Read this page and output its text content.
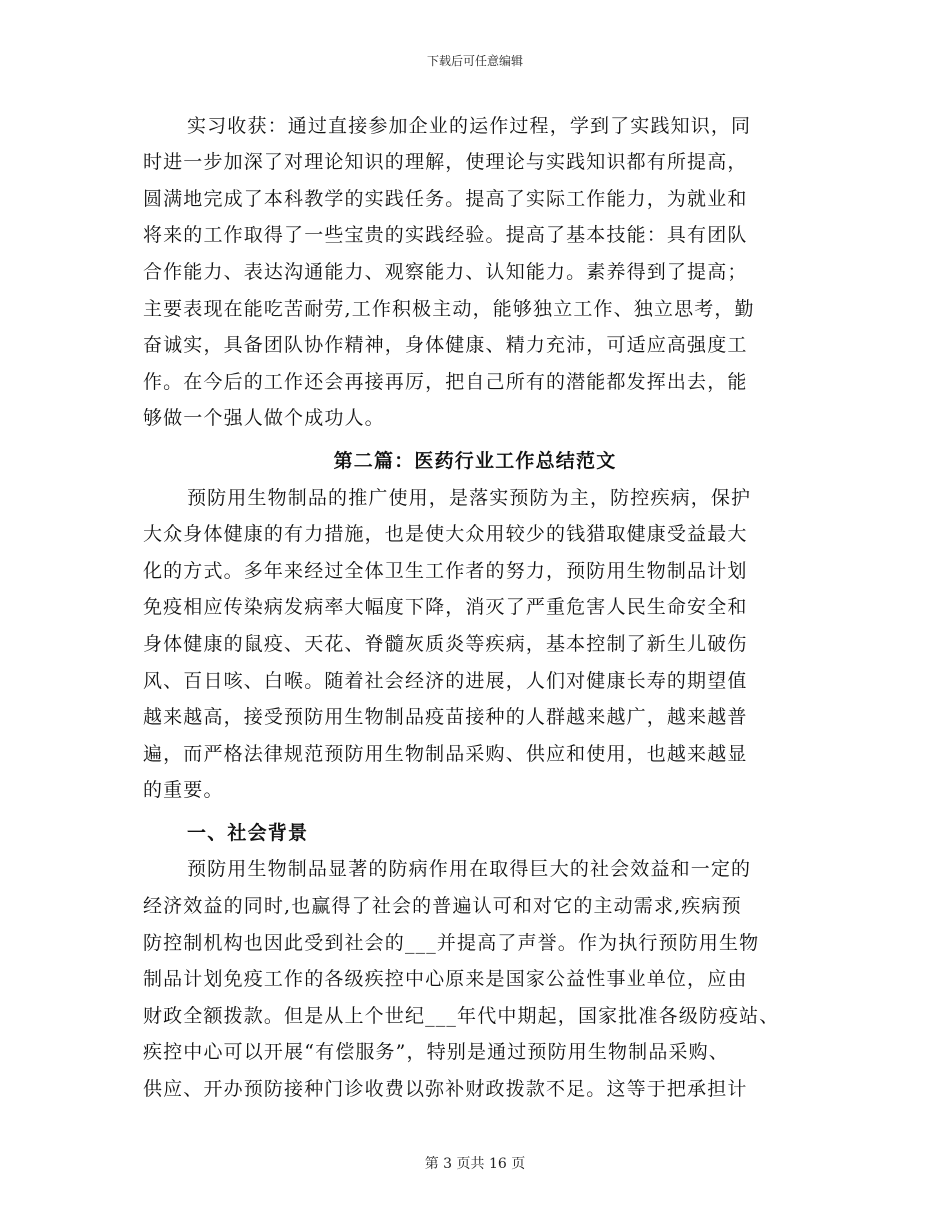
下载后可任意编辑
实习收获：通过直接参加企业的运作过程，学到了实践知识，同
时进一步加深了对理论知识的理解，使理论与实践知识都有所提高，
圆满地完成了本科教学的实践任务。提高了实际工作能力，为就业和
将来的工作取得了一些宝贵的实践经验。提高了基本技能：具有团队
合作能力、表达沟通能力、观察能力、认知能力。素养得到了提高；
主要表现在能吃苦耐劳,工作积极主动，能够独立工作、独立思考，勤
奋诚实，具备团队协作精神，身体健康、精力充沛，可适应高强度工
作。在今后的工作还会再接再厉，把自己所有的潜能都发挥出去，能
够做一个强人做个成功人。
第二篇：医药行业工作总结范文
预防用生物制品的推广使用，是落实预防为主，防控疾病，保护
大众身体健康的有力措施，也是使大众用较少的钱猎取健康受益最大
化的方式。多年来经过全体卫生工作者的努力，预防用生物制品计划
免疫相应传染病发病率大幅度下降，消灭了严重危害人民生命安全和
身体健康的鼠疫、天花、脊髓灰质炎等疾病，基本控制了新生儿破伤
风、百日咳、白喉。随着社会经济的进展，人们对健康长寿的期望值
越来越高，接受预防用生物制品疫苗接种的人群越来越广，越来越普
遍，而严格法律规范预防用生物制品采购、供应和使用，也越来越显
的重要。
一、社会背景
预防用生物制品显著的防病作用在取得巨大的社会效益和一定的
经济效益的同时,也赢得了社会的普遍认可和对它的主动需求,疾病预
防控制机构也因此受到社会的___并提高了声誉。作为执行预防用生物
制品计划免疫工作的各级疾控中心原来是国家公益性事业单位，应由
财政全额拨款。但是从上个世纪___年代中期起，国家批准各级防疫站、
疾控中心可以开展“有偿服务”，特别是通过预防用生物制品采购、
供应、开办预防接种门诊收费以弥补财政拨款不足。这等于把承担计
第 3 页共 16 页
